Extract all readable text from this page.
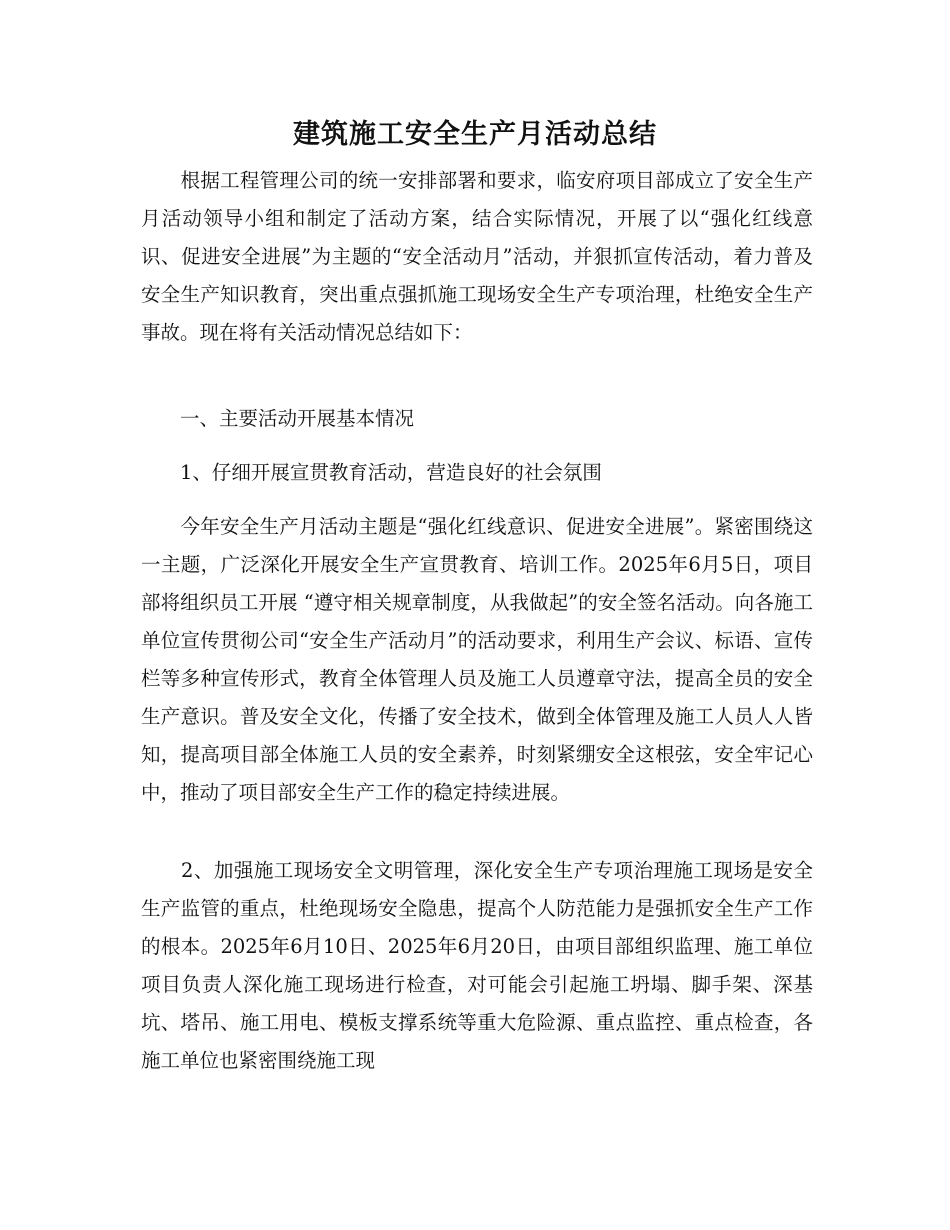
建筑施工安全生产月活动总结
　　根据工程管理公司的统一安排部署和要求，临安府项目部成立了安全生产月活动领导小组和制定了活动方案，结合实际情况，开展了以“强化红线意识、促进安全进展”为主题的“安全活动月”活动，并狠抓宣传活动，着力普及安全生产知识教育，突出重点强抓施工现场安全生产专项治理，杜绝安全生产事故。现在将有关活动情况总结如下：
　　一、主要活动开展基本情况
　　1、仔细开展宣贯教育活动，营造良好的社会氛围
　　今年安全生产月活动主题是“强化红线意识、促进安全进展”。紧密围绕这一主题，广泛深化开展安全生产宣贯教育、培训工作。2025年6月5日，项目部将组织员工开展 “遵守相关规章制度，从我做起”的安全签名活动。向各施工单位宣传贯彻公司“安全生产活动月”的活动要求，利用生产会议、标语、宣传栏等多种宣传形式，教育全体管理人员及施工人员遵章守法，提高全员的安全生产意识。普及安全文化，传播了安全技术，做到全体管理及施工人员人人皆知，提高项目部全体施工人员的安全素养，时刻紧绷安全这根弦，安全牢记心中，推动了项目部安全生产工作的稳定持续进展。
　　2、加强施工现场安全文明管理，深化安全生产专项治理施工现场是安全生产监管的重点，杜绝现场安全隐患，提高个人防范能力是强抓安全生产工作的根本。2025年6月10日、2025年6月20日，由项目部组织监理、施工单位项目负责人深化施工现场进行检查，对可能会引起施工坍塌、脚手架、深基坑、塔吊、施工用电、模板支撑系统等重大危险源、重点监控、重点检查，各施工单位也紧密围绕施工现
